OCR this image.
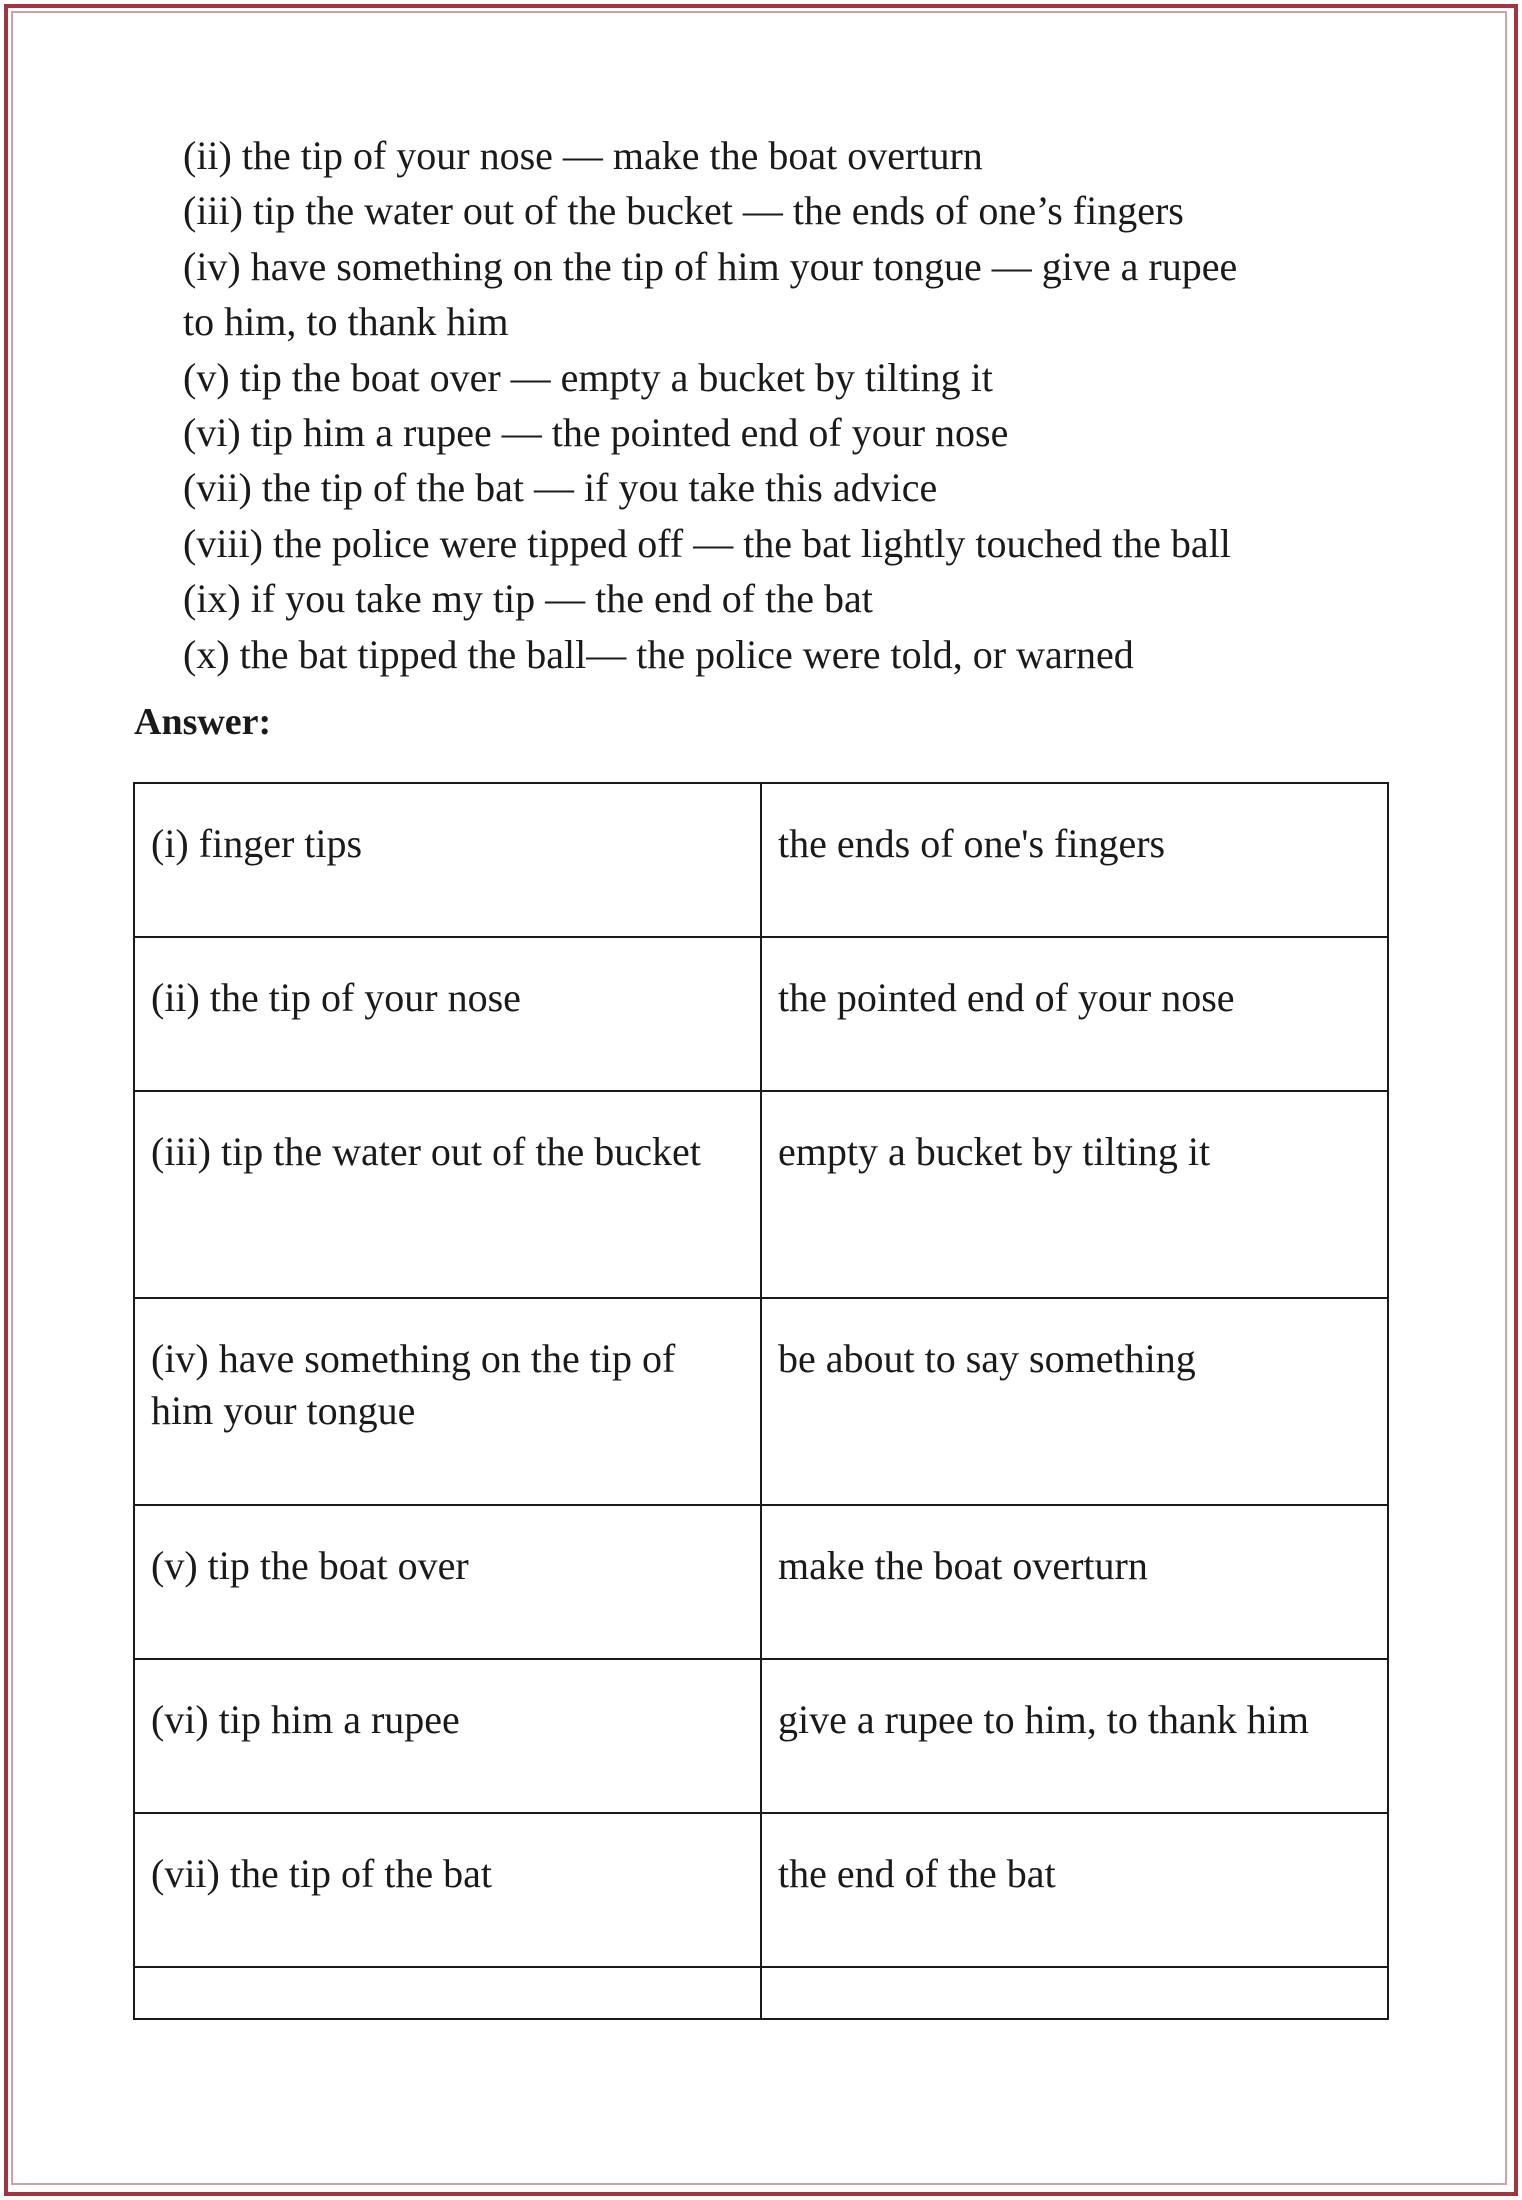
(ii) the tip of your nose — make the boat overturn
(iii) tip the water out of the bucket — the ends of one’s fingers
(iv) have something on the tip of him your tongue — give a rupee
to him, to thank him
(v) tip the boat over — empty a bucket by tilting it
(vi) tip him a rupee — the pointed end of your nose
(vii) the tip of the bat — if you take this advice
(viii) the police were tipped off — the bat lightly touched the ball
(ix) if you take my tip — the end of the bat
(x) the bat tipped the ball— the police were told, or warned
Answer:
(i) finger tips	the ends of one's fingers
(ii) the tip of your nose	the pointed end of your nose
(iii) tip the water out of the bucket	empty a bucket by tilting it
(iv) have something on the tip of him your tongue	be about to say something
(v) tip the boat over	make the boat overturn
(vi) tip him a rupee	give a rupee to him, to thank him
(vii) the tip of the bat	the end of the bat
